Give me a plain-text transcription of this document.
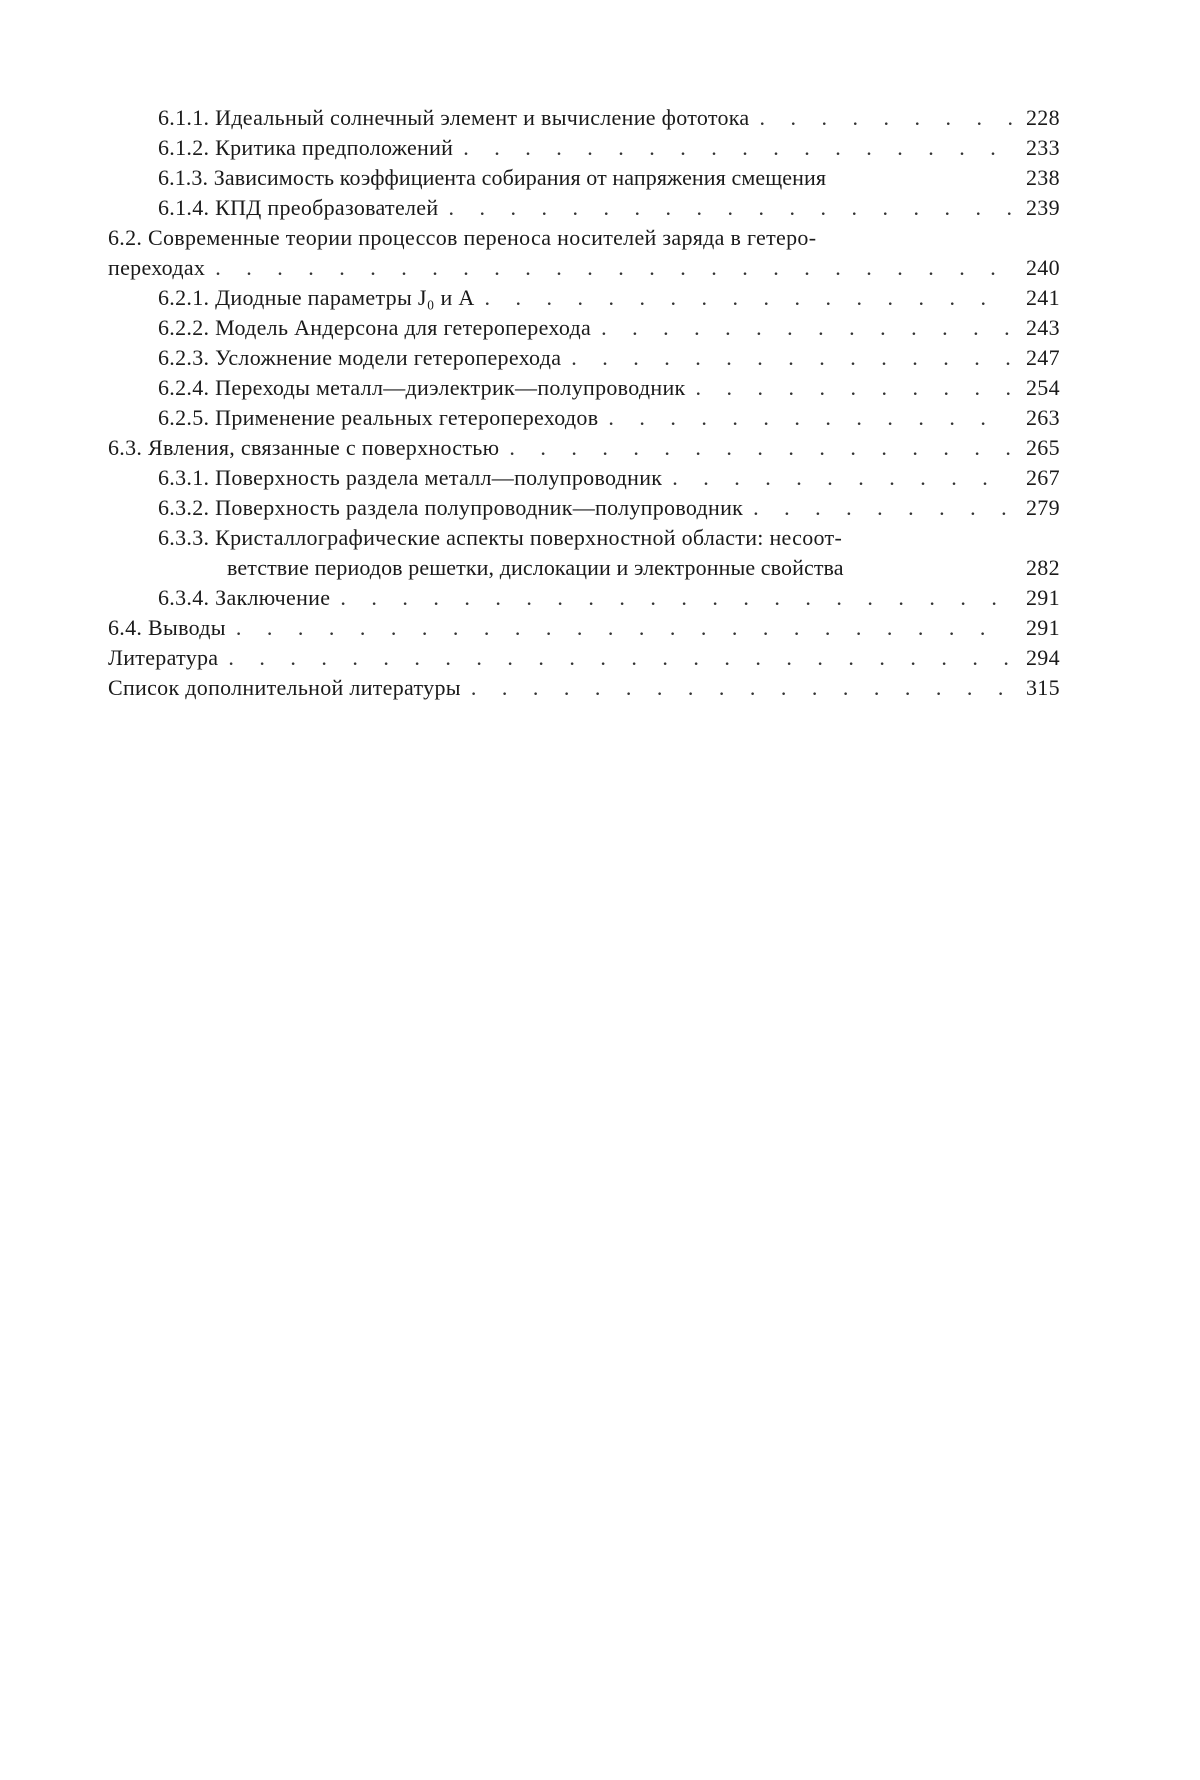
6.1.1. Идеальный солнечный элемент и вычисление фототока . . .	228
6.1.2. Критика предположений . . .	233
6.1.3. Зависимость коэффициента собирания от напряжения смещения	238
6.1.4. КПД преобразователей . . .	239
6.2. Современные теории процессов переноса носителей заряда в гетеро-
переходах . . .	240
6.2.1. Диодные параметры J₀ и A . . .	241
6.2.2. Модель Андерсона для гетероперехода . . .	243
6.2.3. Усложнение модели гетероперехода . . .	247
6.2.4. Переходы металл—диэлектрик—полупроводник . . .	254
6.2.5. Применение реальных гетеропереходов . . .	263
6.3. Явления, связанные с поверхностью . . .	265
6.3.1. Поверхность раздела металл—полупроводник . . .	267
6.3.2. Поверхность раздела полупроводник—полупроводник . . .	279
6.3.3. Кристаллографические аспекты поверхностной области: несоот-
ветствие периодов решетки, дислокации и электронные свойства	282
6.3.4. Заключение . . .	291
6.4. Выводы . . .	291
Литература . . .	294
Список дополнительной литературы . . .	315
